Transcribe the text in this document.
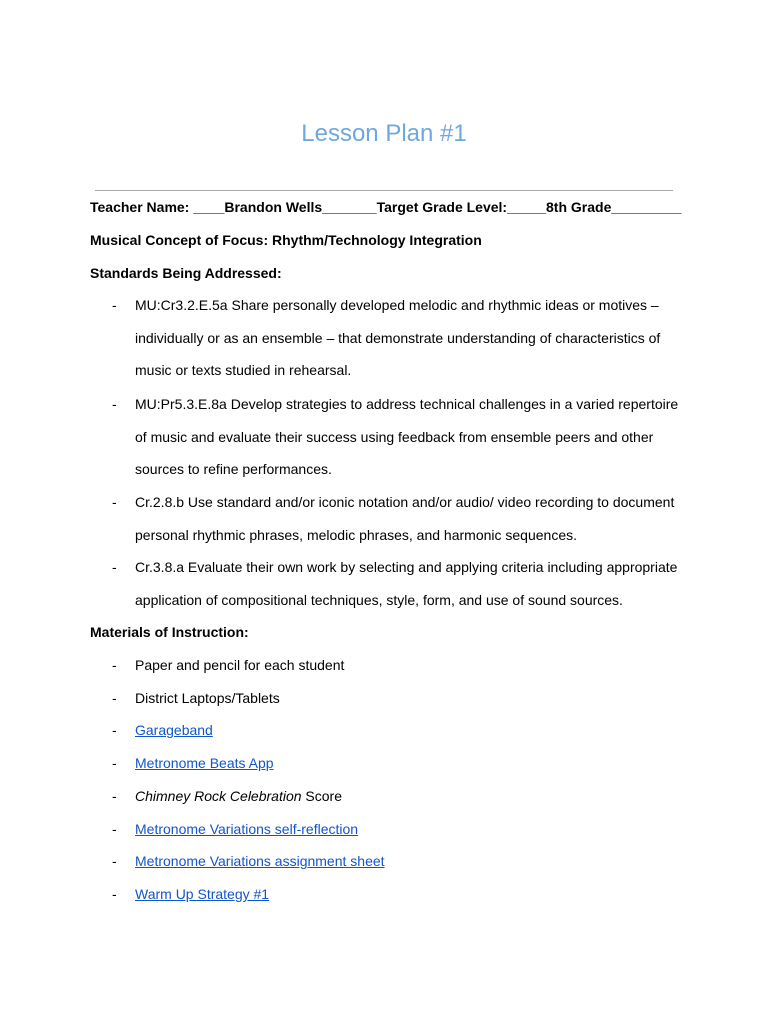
Lesson Plan #1
Teacher Name: ____Brandon Wells_______Target Grade Level:_____8th Grade_________
Musical Concept of Focus: Rhythm/Technology Integration
Standards Being Addressed:
- MU:Cr3.2.E.5a Share personally developed melodic and rhythmic ideas or motives –
individually or as an ensemble – that demonstrate understanding of characteristics of
music or texts studied in rehearsal.
- MU:Pr5.3.E.8a Develop strategies to address technical challenges in a varied repertoire
of music and evaluate their success using feedback from ensemble peers and other
sources to refine performances.
- Cr.2.8.b Use standard and/or iconic notation and/or audio/ video recording to document
personal rhythmic phrases, melodic phrases, and harmonic sequences.
- Cr.3.8.a Evaluate their own work by selecting and applying criteria including appropriate
application of compositional techniques, style, form, and use of sound sources.
Materials of Instruction:
- Paper and pencil for each student
- District Laptops/Tablets
- Garageband
- Metronome Beats App
- Chimney Rock Celebration Score
- Metronome Variations self-reflection
- Metronome Variations assignment sheet
- Warm Up Strategy #1
